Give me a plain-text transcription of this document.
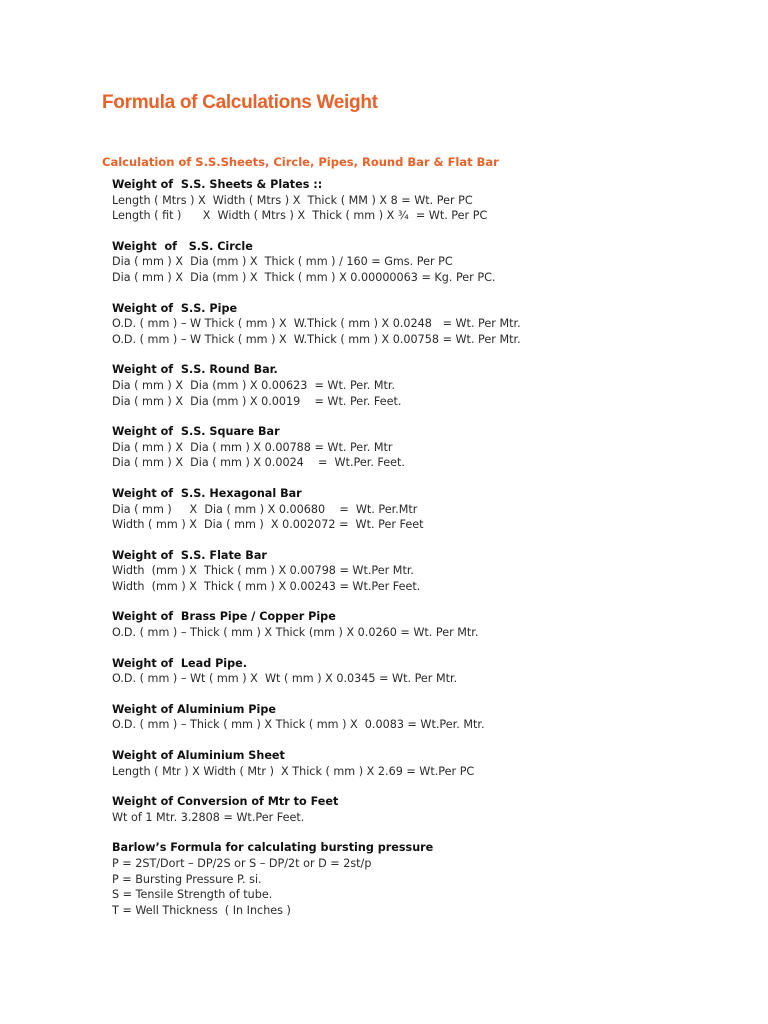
Formula of Calculations Weight
Calculation of S.S.Sheets, Circle, Pipes, Round Bar & Flat Bar
Weight of  S.S. Sheets & Plates ::
Length ( Mtrs ) X  Width ( Mtrs ) X  Thick ( MM ) X 8 = Wt. Per PC
Length ( fit )      X  Width ( Mtrs ) X  Thick ( mm ) X ¾  = Wt. Per PC
Weight  of   S.S. Circle
Dia ( mm ) X  Dia (mm ) X  Thick ( mm ) / 160 = Gms. Per PC
Dia ( mm ) X  Dia (mm ) X  Thick ( mm ) X 0.00000063 = Kg. Per PC.
Weight of  S.S. Pipe
O.D. ( mm ) – W Thick ( mm ) X  W.Thick ( mm ) X 0.0248   = Wt. Per Mtr.
O.D. ( mm ) – W Thick ( mm ) X  W.Thick ( mm ) X 0.00758 = Wt. Per Mtr.
Weight of  S.S. Round Bar.
Dia ( mm ) X  Dia (mm ) X 0.00623  = Wt. Per. Mtr.
Dia ( mm ) X  Dia (mm ) X 0.0019    = Wt. Per. Feet.
Weight of  S.S. Square Bar
Dia ( mm ) X  Dia ( mm ) X 0.00788 = Wt. Per. Mtr
Dia ( mm ) X  Dia ( mm ) X 0.0024    =  Wt.Per. Feet.
Weight of  S.S. Hexagonal Bar
Dia ( mm )     X  Dia ( mm ) X 0.00680    =  Wt. Per.Mtr
Width ( mm ) X  Dia ( mm )  X 0.002072 =  Wt. Per Feet
Weight of  S.S. Flate Bar
Width  (mm ) X  Thick ( mm ) X 0.00798 = Wt.Per Mtr.
Width  (mm ) X  Thick ( mm ) X 0.00243 = Wt.Per Feet.
Weight of  Brass Pipe / Copper Pipe
O.D. ( mm ) – Thick ( mm ) X Thick (mm ) X 0.0260 = Wt. Per Mtr.
Weight of  Lead Pipe.
O.D. ( mm ) – Wt ( mm ) X  Wt ( mm ) X 0.0345 = Wt. Per Mtr.
Weight of Aluminium Pipe
O.D. ( mm ) – Thick ( mm ) X Thick ( mm ) X  0.0083 = Wt.Per. Mtr.
Weight of Aluminium Sheet
Length ( Mtr ) X Width ( Mtr )  X Thick ( mm ) X 2.69 = Wt.Per PC
Weight of Conversion of Mtr to Feet
Wt of 1 Mtr. 3.2808 = Wt.Per Feet.
Barlow’s Formula for calculating bursting pressure
P = 2ST/Dort – DP/2S or S – DP/2t or D = 2st/p
P = Bursting Pressure P. si.
S = Tensile Strength of tube.
T = Well Thickness  ( In Inches )
